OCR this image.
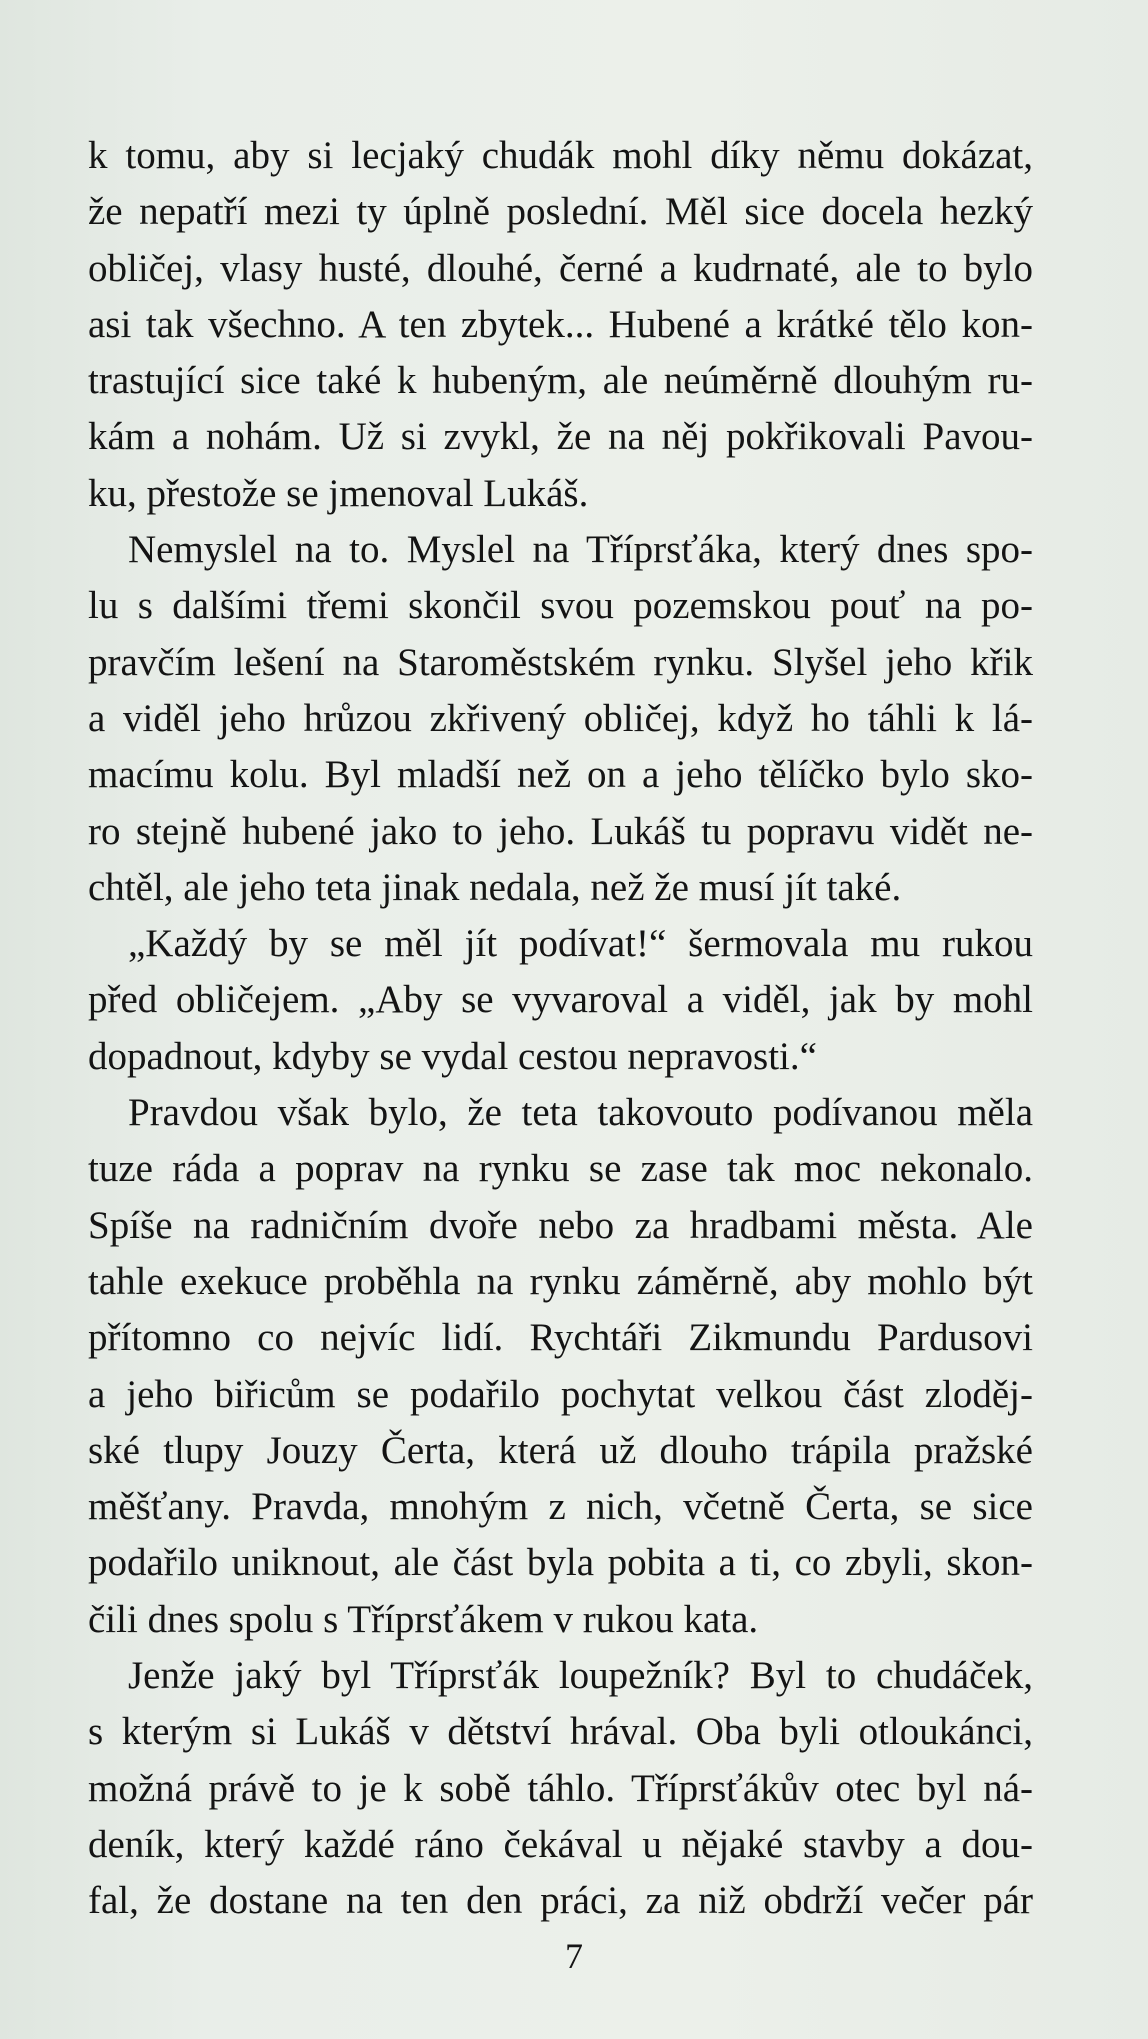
k tomu, aby si lecjaký chudák mohl díky němu dokázat,
že nepatří mezi ty úplně poslední. Měl sice docela hezký
obličej, vlasy husté, dlouhé, černé a kudrnaté, ale to bylo
asi tak všechno. A ten zbytek... Hubené a krátké tělo kon-
trastující sice také k hubeným, ale neúměrně dlouhým ru-
kám a nohám. Už si zvykl, že na něj pokřikovali Pavou-
ku, přestože se jmenoval Lukáš.
Nemyslel na to. Myslel na Tříprsťáka, který dnes spo-
lu s dalšími třemi skončil svou pozemskou pouť na po-
pravčím lešení na Staroměstském rynku. Slyšel jeho křik
a viděl jeho hrůzou zkřivený obličej, když ho táhli k lá-
macímu kolu. Byl mladší než on a jeho tělíčko bylo sko-
ro stejně hubené jako to jeho. Lukáš tu popravu vidět ne-
chtěl, ale jeho teta jinak nedala, než že musí jít také.
„Každý by se měl jít podívat!“ šermovala mu rukou
před obličejem. „Aby se vyvaroval a viděl, jak by mohl
dopadnout, kdyby se vydal cestou nepravosti.“
Pravdou však bylo, že teta takovouto podívanou měla
tuze ráda a poprav na rynku se zase tak moc nekonalo.
Spíše na radničním dvoře nebo za hradbami města. Ale
tahle exekuce proběhla na rynku záměrně, aby mohlo být
přítomno co nejvíc lidí. Rychtáři Zikmundu Pardusovi
a jeho biřicům se podařilo pochytat velkou část zloděj-
ské tlupy Jouzy Čerta, která už dlouho trápila pražské
měšťany. Pravda, mnohým z nich, včetně Čerta, se sice
podařilo uniknout, ale část byla pobita a ti, co zbyli, skon-
čili dnes spolu s Tříprsťákem v rukou kata.
Jenže jaký byl Tříprsťák loupežník? Byl to chudáček,
s kterým si Lukáš v dětství hrával. Oba byli otloukánci,
možná právě to je k sobě táhlo. Tříprsťákův otec byl ná-
deník, který každé ráno čekával u nějaké stavby a dou-
fal, že dostane na ten den práci, za niž obdrží večer pár
7
